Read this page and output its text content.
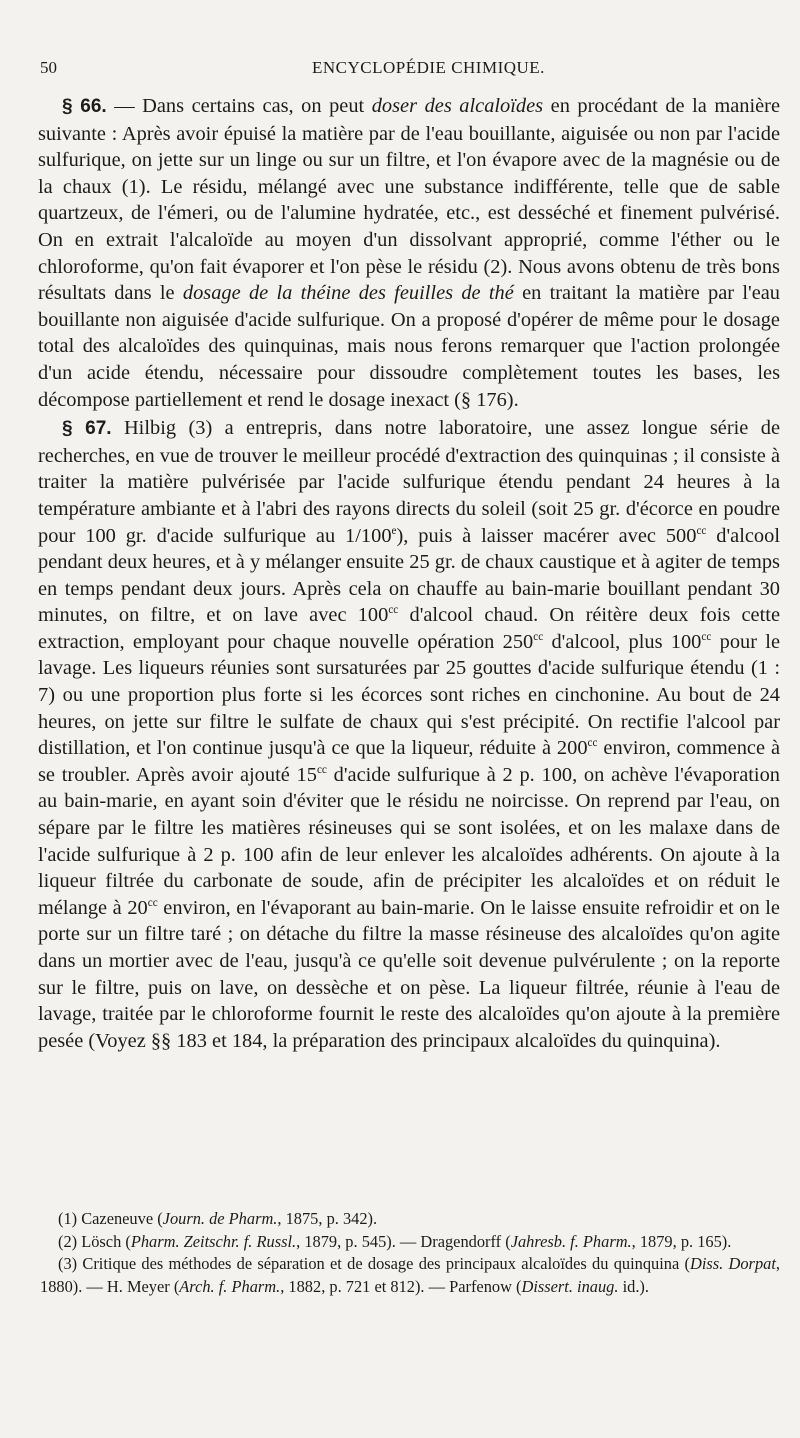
50	ENCYCLOPÉDIE CHIMIQUE.

§ 66. — Dans certains cas, on peut doser des alcaloïdes en procédant de la manière suivante : Après avoir épuisé la matière par de l'eau bouillante, aiguisée ou non par l'acide sulfurique, on jette sur un linge ou sur un filtre, et l'on évapore avec de la magnésie ou de la chaux (1). Le résidu, mélangé avec une substance indifférente, telle que de sable quartzeux, de l'émeri, ou de l'alumine hydratée, etc., est desséché et finement pulvérisé. On en extrait l'alcaloïde au moyen d'un dissolvant approprié, comme l'éther ou le chloroforme, qu'on fait évaporer et l'on pèse le résidu (2). Nous avons obtenu de très bons résultats dans le dosage de la théine des feuilles de thé en traitant la matière par l'eau bouillante non aiguisée d'acide sulfurique. On a proposé d'opérer de même pour le dosage total des alcaloïdes des quinquinas, mais nous ferons remarquer que l'action prolongée d'un acide étendu, nécessaire pour dissoudre complètement toutes les bases, les décompose partiellement et rend le dosage inexact (§ 176).

§ 67. Hilbig (3) a entrepris, dans notre laboratoire, une assez longue série de recherches, en vue de trouver le meilleur procédé d'extraction des quinquinas ; il consiste à traiter la matière pulvérisée par l'acide sulfurique étendu pendant 24 heures à la température ambiante et à l'abri des rayons directs du soleil (soit 25 gr. d'écorce en poudre pour 100 gr. d'acide sulfurique au 1/100e), puis à laisser macérer avec $500^{cc}$ d'alcool pendant deux heures, et à y mélanger ensuite 25 gr. de chaux caustique et à agiter de temps en temps pendant deux jours. Après cela on chauffe au bain-marie bouillant pendant 30 minutes, on filtre, et on lave avec $100^{cc}$ d'alcool chaud. On réitère deux fois cette extraction, employant pour chaque nouvelle opération $250^{cc}$ d'alcool, plus $100^{cc}$ pour le lavage. Les liqueurs réunies sont sursaturées par 25 gouttes d'acide sulfurique étendu (1 : 7) ou une proportion plus forte si les écorces sont riches en cinchonine. Au bout de 24 heures, on jette sur filtre le sulfate de chaux qui s'est précipité. On rectifie l'alcool par distillation, et l'on continue jusqu'à ce que la liqueur, réduite à $200^{cc}$ environ, commence à se troubler. Après avoir ajouté $15^{cc}$ d'acide sulfurique à 2 p. 100, on achève l'évaporation au bain-marie, en ayant soin d'éviter que le résidu ne noircisse. On reprend par l'eau, on sépare par le filtre les matières résineuses qui se sont isolées, et on les malaxe dans de l'acide sulfurique à 2 p. 100 afin de leur enlever les alcaloïdes adhérents. On ajoute à la liqueur filtrée du carbonate de soude, afin de précipiter les alcaloïdes et on réduit le mélange à $20^{cc}$ environ, en l'évaporant au bain-marie. On le laisse ensuite refroidir et on le porte sur un filtre taré ; on détache du filtre la masse résineuse des alcaloïdes qu'on agite dans un mortier avec de l'eau, jusqu'à ce qu'elle soit devenue pulvérulente ; on la reporte sur le filtre, puis on lave, on dessèche et on pèse. La liqueur filtrée, réunie à l'eau de lavage, traitée par le chloroforme fournit le reste des alcaloïdes qu'on ajoute à la première pesée (Voyez §§ 183 et 184, la préparation des principaux alcaloïdes du quinquina).

(1) Cazeneuve (Journ. de Pharm., 1875, p. 342).

(2) Lösch (Pharm. Zeitschr. f. Russl., 1879, p. 545). — Dragendorff (Jahresb. f. Pharm., 1879, p. 165).

(3) Critique des méthodes de séparation et de dosage des principaux alcaloïdes du quinquina (Diss. Dorpat, 1880). — H. Meyer (Arch. f. Pharm., 1882, p. 721 et 812). — Parfenow (Dissert. inaug. id.).
